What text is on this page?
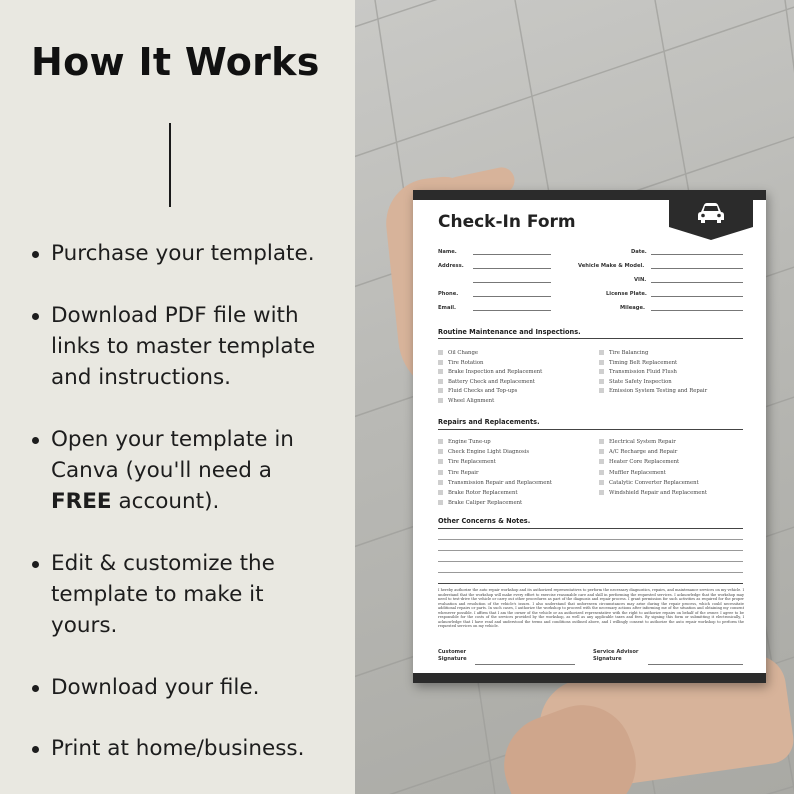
How It Works
Purchase your template.
Download PDF file with
links to master template
and instructions.
Open your template in
Canva (you'll need a
FREE account).
Edit & customize the
template to make it
yours.
Download your file.
Print at home/business.
Check-In Form
Name.
Address.
Phone.
Email.
Date.
Vehicle Make & Model.
VIN.
License Plate.
Mileage.
Routine Maintenance and Inspections.
Oil Change
Tire Rotation
Brake Inspection and Replacement
Battery Check and Replacement
Fluid Checks and Top-ups
Wheel Alignment
Tire Balancing
Timing Belt Replacement
Transmission Fluid Flush
State Safety Inspection
Emission System Testing and Repair
Repairs and Replacements.
Engine Tune-up
Check Engine Light Diagnosis
Tire Replacement
Tire Repair
Transmission Repair and Replacement
Brake Rotor Replacement
Brake Caliper Replacement
Electrical System Repair
A/C Recharge and Repair
Heater Core Replacement
Muffler Replacement
Catalytic Converter Replacement
Windshield Repair and Replacement
Other Concerns & Notes.
I hereby authorize the auto repair workshop and its authorized representatives to perform the necessary diagnostics, repairs, and maintenance services on my vehicle. I understand that the workshop will make every effort to exercise reasonable care and skill in performing the requested services. I acknowledge that the workshop may need to test-drive the vehicle or carry out other procedures as part of the diagnosis and repair process. I grant permission for such activities as required for the proper evaluation and resolution of the vehicle's issues. I also understand that unforeseen circumstances may arise during the repair process, which could necessitate additional repairs or parts. In such cases, I authorize the workshop to proceed with the necessary actions after informing me of the situation and obtaining my consent whenever possible. I affirm that I am the owner of the vehicle or an authorized representative with the right to authorize repairs on behalf of the owner. I agree to be responsible for the costs of the services provided by the workshop, as well as any applicable taxes and fees. By signing this form or submitting it electronically, I acknowledge that I have read and understood the terms and conditions outlined above, and I willingly consent to authorize the auto repair workshop to perform the requested services on my vehicle.
Customer
Signature
Service Advisor
Signature
